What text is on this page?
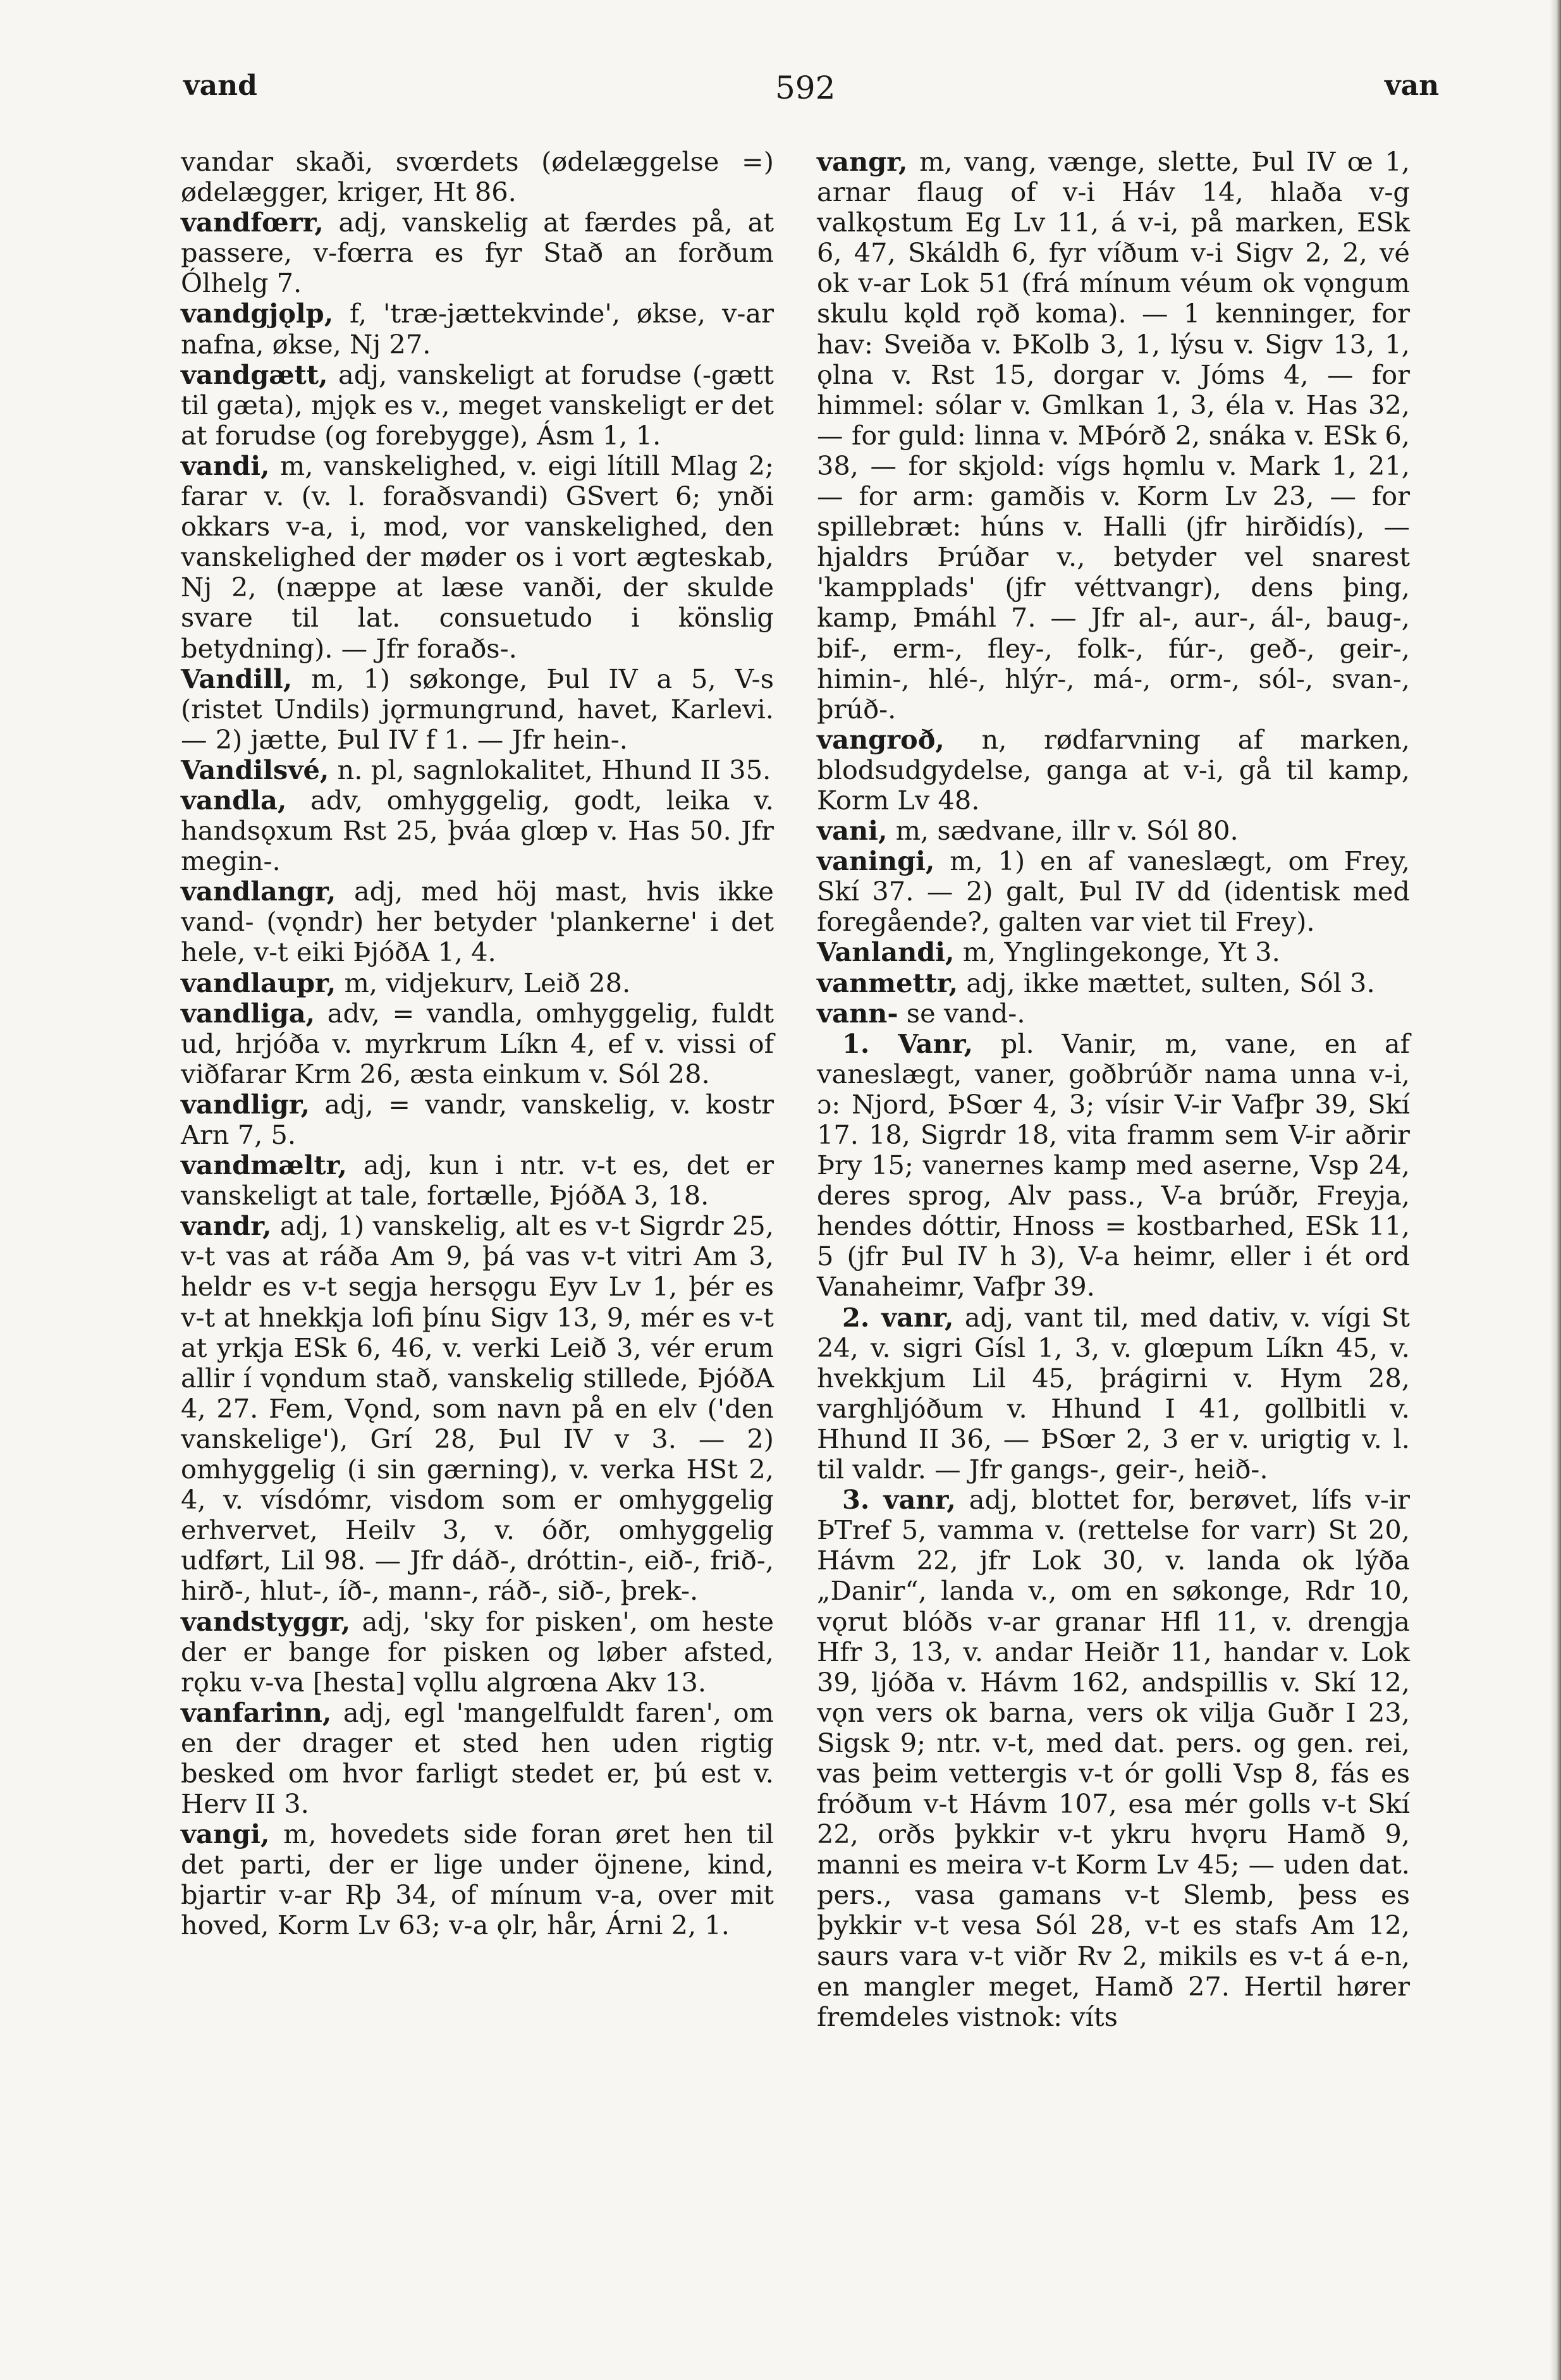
vand	592	van

vandar skaði, svœrdets (ødelæggelse =) ødelægger, kriger, Ht 86.

vandfœrr, adj, vanskelig at færdes på, at passere, v-fœrra es fyr Stað an forðum Ólhelg 7.

vandgjǫlp, f, 'træ-jættekvinde', økse, v-ar nafna, økse, Nj 27.

vandgætt, adj, vanskeligt at forudse (-gætt til gæta), mjǫk es v., meget vanskeligt er det at forudse (og forebygge), Ásm 1, 1.

vandi, m, vanskelighed, v. eigi lítill Mlag 2; farar v. (v. l. foraðsvandi) GSvert 6; ynði okkars v-a, i, mod, vor vanskelighed, den vanskelighed der møder os i vort ægteskab, Nj 2, (næppe at læse vanði, der skulde svare til lat. consuetudo i könslig betydning). — Jfr foraðs-.

Vandill, m, 1) søkonge, Þul IV a 5, V-s (ristet Undils) jǫrmungrund, havet, Karlevi. — 2) jætte, Þul IV f 1. — Jfr hein-.

Vandilsvé, n. pl, sagnlokalitet, Hhund II 35.

vandla, adv, omhyggelig, godt, leika v. handsǫxum Rst 25, þváa glœp v. Has 50. Jfr megin-.

vandlangr, adj, med höj mast, hvis ikke vand- (vǫndr) her betyder 'plankerne' i det hele, v-t eiki ÞjóðA 1, 4.

vandlaupr, m, vidjekurv, Leið 28.

vandliga, adv, = vandla, omhyggelig, fuldt ud, hrjóða v. myrkrum Líkn 4, ef v. vissi of viðfarar Krm 26, æsta einkum v. Sól 28.

vandligr, adj, = vandr, vanskelig, v. kostr Arn 7, 5.

vandmæltr, adj, kun i ntr. v-t es, det er vanskeligt at tale, fortælle, ÞjóðA 3, 18.

vandr, adj, 1) vanskelig, alt es v-t Sigrdr 25, v-t vas at ráða Am 9, þá vas v-t vitri Am 3, heldr es v-t segja hersǫgu Eyv Lv 1, þér es v-t at hnekkja lofi þínu Sigv 13, 9, mér es v-t at yrkja ESk 6, 46, v. verki Leið 3, vér erum allir í vǫndum stað, vanskelig stillede, ÞjóðA 4, 27. Fem, Vǫnd, som navn på en elv ('den vanskelige'), Grí 28, Þul IV v 3. — 2) omhyggelig (i sin gærning), v. verka HSt 2, 4, v. vísdómr, visdom som er omhyggelig erhvervet, Heilv 3, v. óðr, omhyggelig udført, Lil 98. — Jfr dáð-, dróttin-, eið-, frið-, hirð-, hlut-, íð-, mann-, ráð-, sið-, þrek-.

vandstyggr, adj, 'sky for pisken', om heste der er bange for pisken og løber afsted, rǫku v-va [hesta] vǫllu algrœna Akv 13.

vanfarinn, adj, egl 'mangelfuldt faren', om en der drager et sted hen uden rigtig besked om hvor farligt stedet er, þú est v. Herv II 3.

vangi, m, hovedets side foran øret hen til det parti, der er lige under öjnene, kind, bjartir v-ar Rþ 34, of mínum v-a, over mit hoved, Korm Lv 63; v-a ǫlr, hår, Árni 2, 1.

vangr, m, vang, vænge, slette, Þul IV œ 1, arnar flaug of v-i Háv 14, hlaða v-g valkǫstum Eg Lv 11, á v-i, på marken, ESk 6, 47, Skáldh 6, fyr víðum v-i Sigv 2, 2, vé ok v-ar Lok 51 (frá mínum véum ok vǫngum skulu kǫld rǫð koma). — 1 kenninger, for hav: Sveiða v. ÞKolb 3, 1, lýsu v. Sigv 13, 1, ǫlna v. Rst 15, dorgar v. Jóms 4, — for himmel: sólar v. Gmlkan 1, 3, éla v. Has 32, — for guld: linna v. MÞórð 2, snáka v. ESk 6, 38, — for skjold: vígs hǫmlu v. Mark 1, 21, — for arm: gamðis v. Korm Lv 23, — for spillebræt: húns v. Halli (jfr hirðidís), — hjaldrs Þrúðar v., betyder vel snarest 'kampplads' (jfr véttvangr), dens þing, kamp, Þmáhl 7. — Jfr al-, aur-, ál-, baug-, bif-, erm-, fley-, folk-, fúr-, geð-, geir-, himin-, hlé-, hlýr-, má-, orm-, sól-, svan-, þrúð-.

vangroð, n, rødfarvning af marken, blodsudgydelse, ganga at v-i, gå til kamp, Korm Lv 48.

vani, m, sædvane, illr v. Sól 80.

vaningi, m, 1) en af vaneslægt, om Frey, Skí 37. — 2) galt, Þul IV dd (identisk med foregående?, galten var viet til Frey).

Vanlandi, m, Ynglingekonge, Yt 3.

vanmettr, adj, ikke mættet, sulten, Sól 3.

vann- se vand-.

1. Vanr, pl. Vanir, m, vane, en af vaneslægt, vaner, goðbrúðr nama unna v-i, ɔ: Njord, ÞSœr 4, 3; vísir V-ir Vafþr 39, Skí 17. 18, Sigrdr 18, vita framm sem V-ir aðrir Þry 15; vanernes kamp med aserne, Vsp 24, deres sprog, Alv pass., V-a brúðr, Freyja, hendes dóttir, Hnoss = kostbarhed, ESk 11, 5 (jfr Þul IV h 3), V-a heimr, eller i ét ord Vanaheimr, Vafþr 39.

2. vanr, adj, vant til, med dativ, v. vígi St 24, v. sigri Gísl 1, 3, v. glœpum Líkn 45, v. hvekkjum Lil 45, þrágirni v. Hym 28, varghljóðum v. Hhund I 41, gollbitli v. Hhund II 36, — ÞSœr 2, 3 er v. urigtig v. l. til valdr. — Jfr gangs-, geir-, heið-.

3. vanr, adj, blottet for, berøvet, lífs v-ir ÞTref 5, vamma v. (rettelse for varr) St 20, Hávm 22, jfr Lok 30, v. landa ok lýða „Danir“, landa v., om en søkonge, Rdr 10, vǫrut blóðs v-ar granar Hfl 11, v. drengja Hfr 3, 13, v. andar Heiðr 11, handar v. Lok 39, ljóða v. Hávm 162, andspillis v. Skí 12, vǫn vers ok barna, vers ok vilja Guðr I 23, Sigsk 9; ntr. v-t, med dat. pers. og gen. rei, vas þeim vettergis v-t ór golli Vsp 8, fás es fróðum v-t Hávm 107, esa mér golls v-t Skí 22, orðs þykkir v-t ykru hvǫru Hamð 9, manni es meira v-t Korm Lv 45; — uden dat. pers., vasa gamans v-t Slemb, þess es þykkir v-t vesa Sól 28, v-t es stafs Am 12, saurs vara v-t viðr Rv 2, mikils es v-t á e-n, en mangler meget, Hamð 27. Hertil hører fremdeles vistnok: víts
